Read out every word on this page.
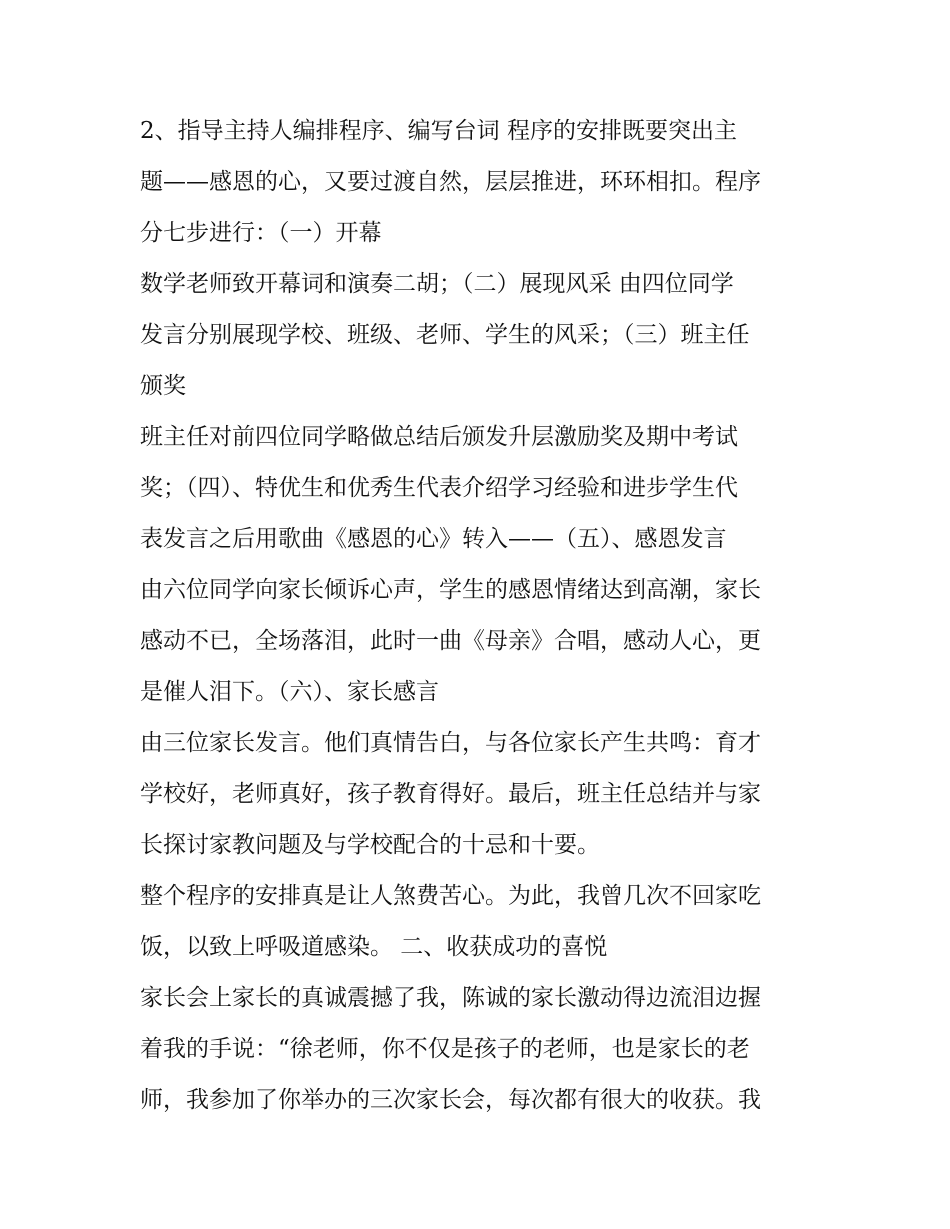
2、指导主持人编排程序、编写台词 程序的安排既要突出主
题——感恩的心，又要过渡自然，层层推进，环环相扣。程序
分七步进行：（一）开幕
数学老师致开幕词和演奏二胡；（二）展现风采 由四位同学
发言分别展现学校、班级、老师、学生的风采；（三）班主任
颁奖
班主任对前四位同学略做总结后颁发升层激励奖及期中考试
奖；（四）、特优生和优秀生代表介绍学习经验和进步学生代
表发言之后用歌曲《感恩的心》转入——（五）、感恩发言
由六位同学向家长倾诉心声，学生的感恩情绪达到高潮，家长
感动不已，全场落泪，此时一曲《母亲》合唱，感动人心，更
是催人泪下。（六）、家长感言
由三位家长发言。他们真情告白，与各位家长产生共鸣：育才
学校好，老师真好，孩子教育得好。最后，班主任总结并与家
长探讨家教问题及与学校配合的十忌和十要。
整个程序的安排真是让人煞费苦心。为此，我曾几次不回家吃
饭，以致上呼吸道感染。 二、收获成功的喜悦
家长会上家长的真诚震撼了我，陈诚的家长激动得边流泪边握
着我的手说：“徐老师，你不仅是孩子的老师，也是家长的老
师，我参加了你举办的三次家长会，每次都有很大的收获。我
